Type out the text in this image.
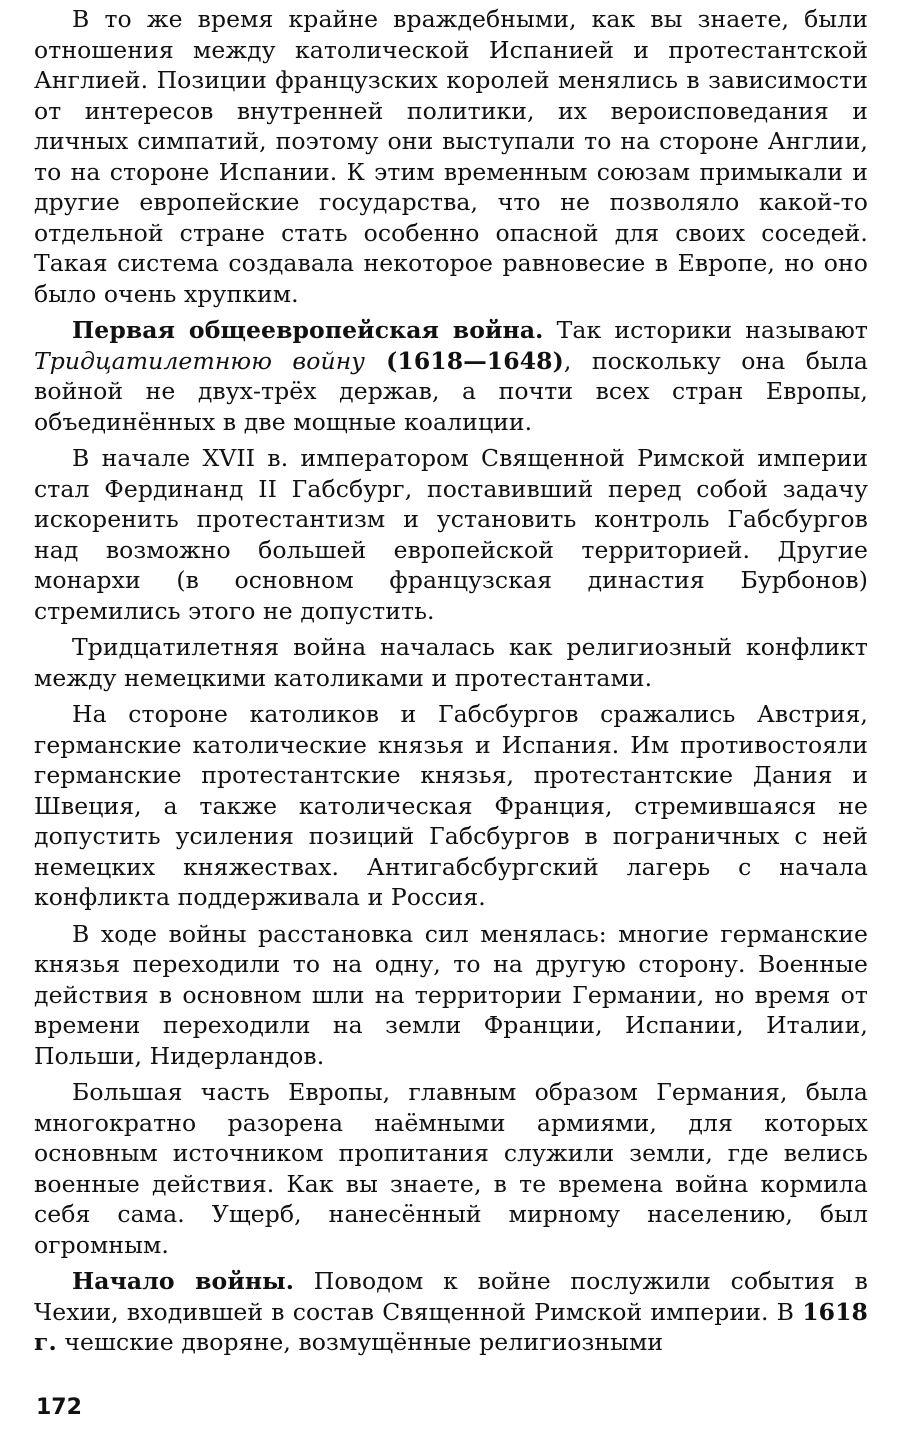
В то же время крайне враждебными, как вы знаете, были отношения между католической Испанией и протестантской Англией. Позиции французских королей менялись в зависимости от интересов внутренней политики, их вероисповедания и личных симпатий, поэтому они выступали то на стороне Англии, то на стороне Испании. К этим временным союзам примыкали и другие европейские государства, что не позволяло какой-то отдельной стране стать особенно опасной для своих соседей. Такая система создавала некоторое равновесие в Европе, но оно было очень хрупким.

Первая общеевропейская война. Так историки называют Тридцатилетнюю войну (1618—1648), поскольку она была войной не двух-трёх держав, а почти всех стран Европы, объединённых в две мощные коалиции.

В начале XVII в. императором Священной Римской империи стал Фердинанд II Габсбург, поставивший перед собой задачу искоренить протестантизм и установить контроль Габсбургов над возможно большей европейской территорией. Другие монархи (в основном французская династия Бурбонов) стремились этого не допустить.

Тридцатилетняя война началась как религиозный конфликт между немецкими католиками и протестантами.

На стороне католиков и Габсбургов сражались Австрия, германские католические князья и Испания. Им противостояли германские протестантские князья, протестантские Дания и Швеция, а также католическая Франция, стремившаяся не допустить усиления позиций Габсбургов в пограничных с ней немецких княжествах. Антигабсбургский лагерь с начала конфликта поддерживала и Россия.

В ходе войны расстановка сил менялась: многие германские князья переходили то на одну, то на другую сторону. Военные действия в основном шли на территории Германии, но время от времени переходили на земли Франции, Испании, Италии, Польши, Нидерландов.

Большая часть Европы, главным образом Германия, была многократно разорена наёмными армиями, для которых основным источником пропитания служили земли, где велись военные действия. Как вы знаете, в те времена война кормила себя сама. Ущерб, нанесённый мирному населению, был огромным.

Начало войны. Поводом к войне послужили события в Чехии, входившей в состав Священной Римской империи. В 1618 г. чешские дворяне, возмущённые религиозными

172
